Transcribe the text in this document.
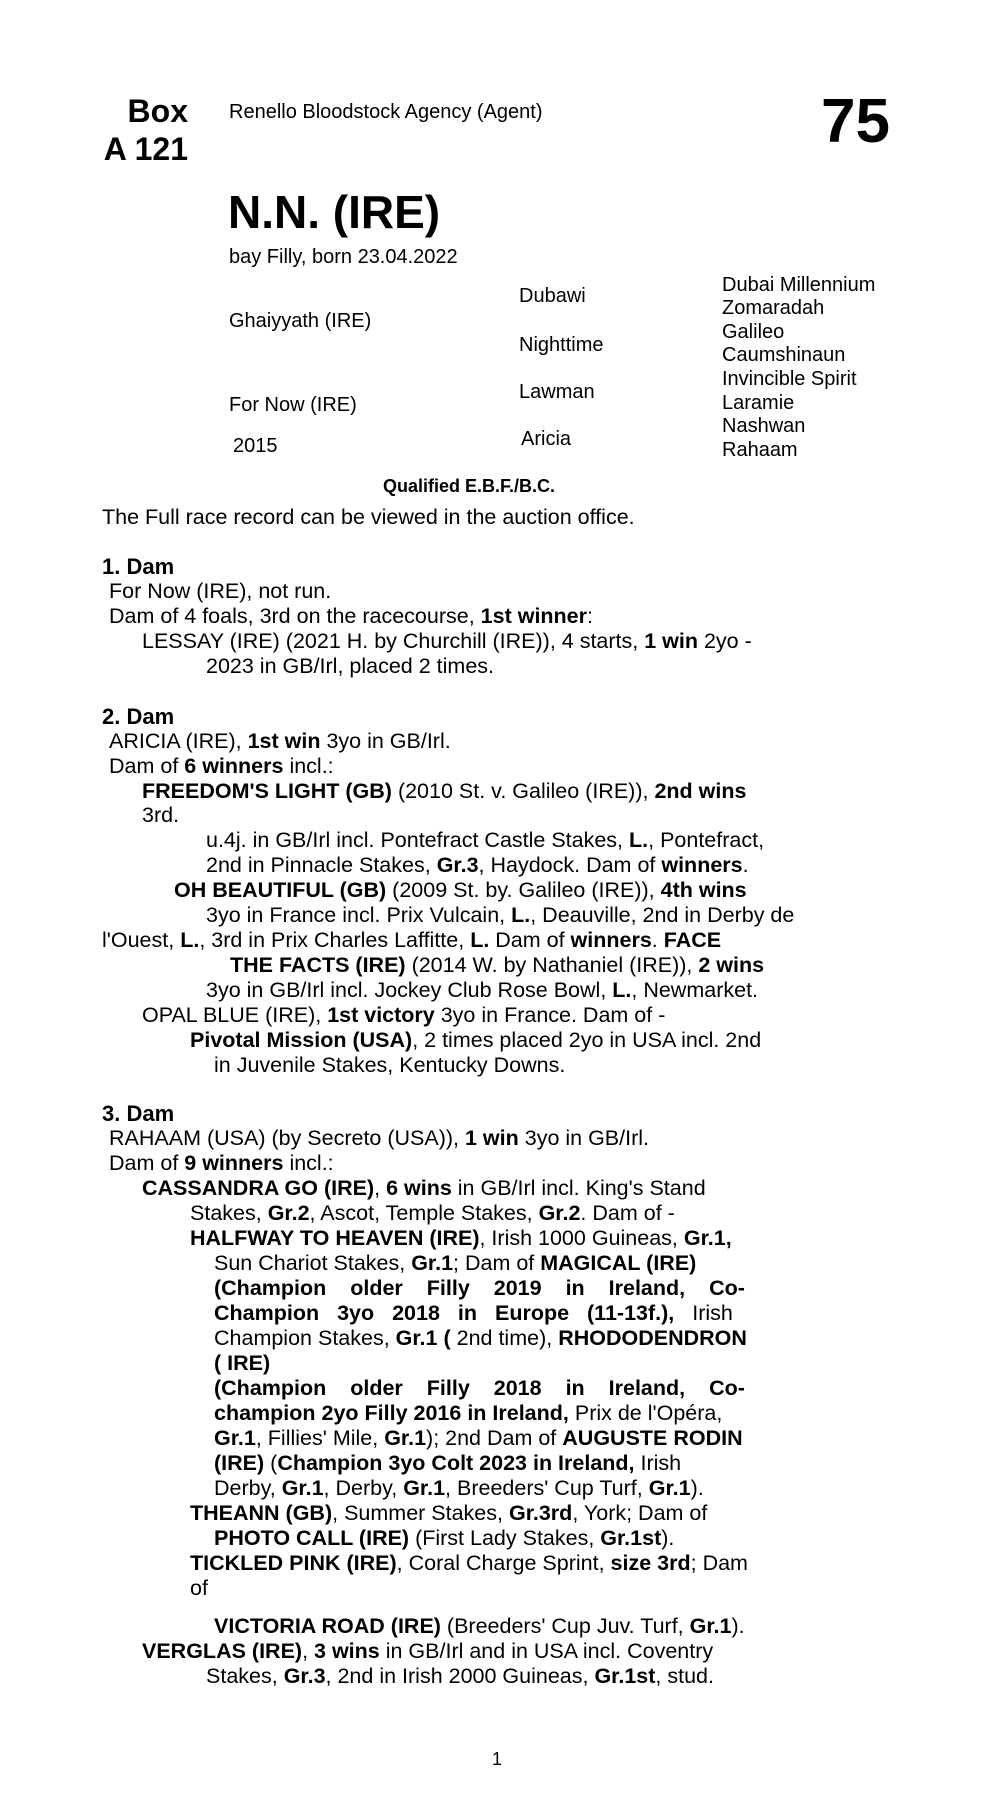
Box
A 121
Renello Bloodstock Agency (Agent)	75
N.N. (IRE)
bay Filly, born 23.04.2022
Ghaiyyath (IRE)
For Now (IRE)
2015
Dubawi
Nighttime
Lawman
Aricia
Dubai Millennium
Zomaradah
Galileo
Caumshinaun
Invincible Spirit
Laramie
Nashwan
Rahaam
Qualified E.B.F./B.C.
The Full race record can be viewed in the auction office.
1. Dam
For Now (IRE), not run.
Dam of 4 foals, 3rd on the racecourse, 1st winner:
LESSAY (IRE) (2021 H. by Churchill (IRE)), 4 starts, 1 win 2yo -
2023 in GB/Irl, placed 2 times.
2. Dam
ARICIA (IRE), 1st win 3yo in GB/Irl.
Dam of 6 winners incl.:
FREEDOM'S LIGHT (GB) (2010 St. v. Galileo (IRE)), 2nd wins
3rd.
u.4j. in GB/Irl incl. Pontefract Castle Stakes, L., Pontefract,
2nd in Pinnacle Stakes, Gr.3, Haydock. Dam of winners.
OH BEAUTIFUL (GB) (2009 St. by. Galileo (IRE)), 4th wins
3yo in France incl. Prix Vulcain, L., Deauville, 2nd in Derby de
l'Ouest, L., 3rd in Prix Charles Laffitte, L. Dam of winners. FACE
THE FACTS (IRE) (2014 W. by Nathaniel (IRE)), 2 wins
3yo in GB/Irl incl. Jockey Club Rose Bowl, L., Newmarket.
OPAL BLUE (IRE), 1st victory 3yo in France. Dam of -
Pivotal Mission (USA), 2 times placed 2yo in USA incl. 2nd
in Juvenile Stakes, Kentucky Downs.
3. Dam
RAHAAM (USA) (by Secreto (USA)), 1 win 3yo in GB/Irl.
Dam of 9 winners incl.:
CASSANDRA GO (IRE), 6 wins in GB/Irl incl. King's Stand
Stakes, Gr.2, Ascot, Temple Stakes, Gr.2. Dam of -
HALFWAY TO HEAVEN (IRE), Irish 1000 Guineas, Gr.1,
Sun Chariot Stakes, Gr.1; Dam of MAGICAL (IRE)
(Champion older Filly 2019 in Ireland, Co-
Champion 3yo 2018 in Europe (11-13f.), Irish
Champion Stakes, Gr.1 ( 2nd time), RHODODENDRON
( IRE)
(Champion older Filly 2018 in Ireland, Co-
champion 2yo Filly 2016 in Ireland, Prix de l'Opéra,
Gr.1, Fillies' Mile, Gr.1); 2nd Dam of AUGUSTE RODIN
(IRE) (Champion 3yo Colt 2023 in Ireland, Irish
Derby, Gr.1, Derby, Gr.1, Breeders' Cup Turf, Gr.1).
THEANN (GB), Summer Stakes, Gr.3rd, York; Dam of
PHOTO CALL (IRE) (First Lady Stakes, Gr.1st).
TICKLED PINK (IRE), Coral Charge Sprint, size 3rd; Dam
of
VICTORIA ROAD (IRE) (Breeders' Cup Juv. Turf, Gr.1).
VERGLAS (IRE), 3 wins in GB/Irl and in USA incl. Coventry
Stakes, Gr.3, 2nd in Irish 2000 Guineas, Gr.1st, stud.
1
